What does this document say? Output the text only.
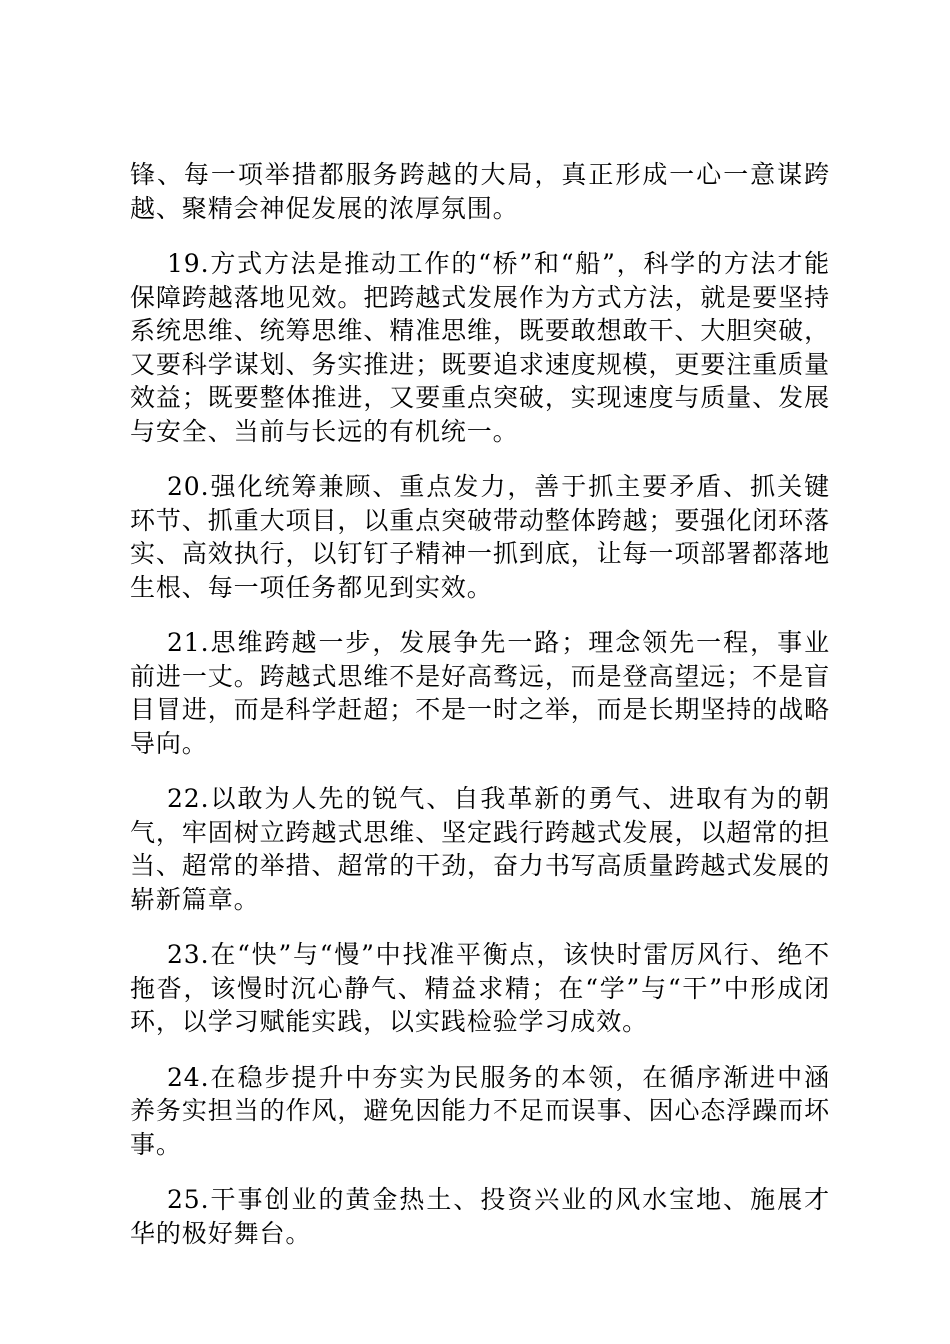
锋、每一项举措都服务跨越的大局，真正形成一心一意谋跨越、聚精会神促发展的浓厚氛围。

19.方式方法是推动工作的“桥”和“船”，科学的方法才能保障跨越落地见效。把跨越式发展作为方式方法，就是要坚持系统思维、统筹思维、精准思维，既要敢想敢干、大胆突破，又要科学谋划、务实推进；既要追求速度规模，更要注重质量效益；既要整体推进，又要重点突破，实现速度与质量、发展与安全、当前与长远的有机统一。

20.强化统筹兼顾、重点发力，善于抓主要矛盾、抓关键环节、抓重大项目，以重点突破带动整体跨越；要强化闭环落实、高效执行，以钉钉子精神一抓到底，让每一项部署都落地生根、每一项任务都见到实效。

21.思维跨越一步，发展争先一路；理念领先一程，事业前进一丈。跨越式思维不是好高骛远，而是登高望远；不是盲目冒进，而是科学赶超；不是一时之举，而是长期坚持的战略导向。

22.以敢为人先的锐气、自我革新的勇气、进取有为的朝气，牢固树立跨越式思维、坚定践行跨越式发展，以超常的担当、超常的举措、超常的干劲，奋力书写高质量跨越式发展的崭新篇章。

23.在“快”与“慢”中找准平衡点，该快时雷厉风行、绝不拖沓，该慢时沉心静气、精益求精；在“学”与“干”中形成闭环，以学习赋能实践，以实践检验学习成效。

24.在稳步提升中夯实为民服务的本领，在循序渐进中涵养务实担当的作风，避免因能力不足而误事、因心态浮躁而坏事。

25.干事创业的黄金热土、投资兴业的风水宝地、施展才华的极好舞台。
